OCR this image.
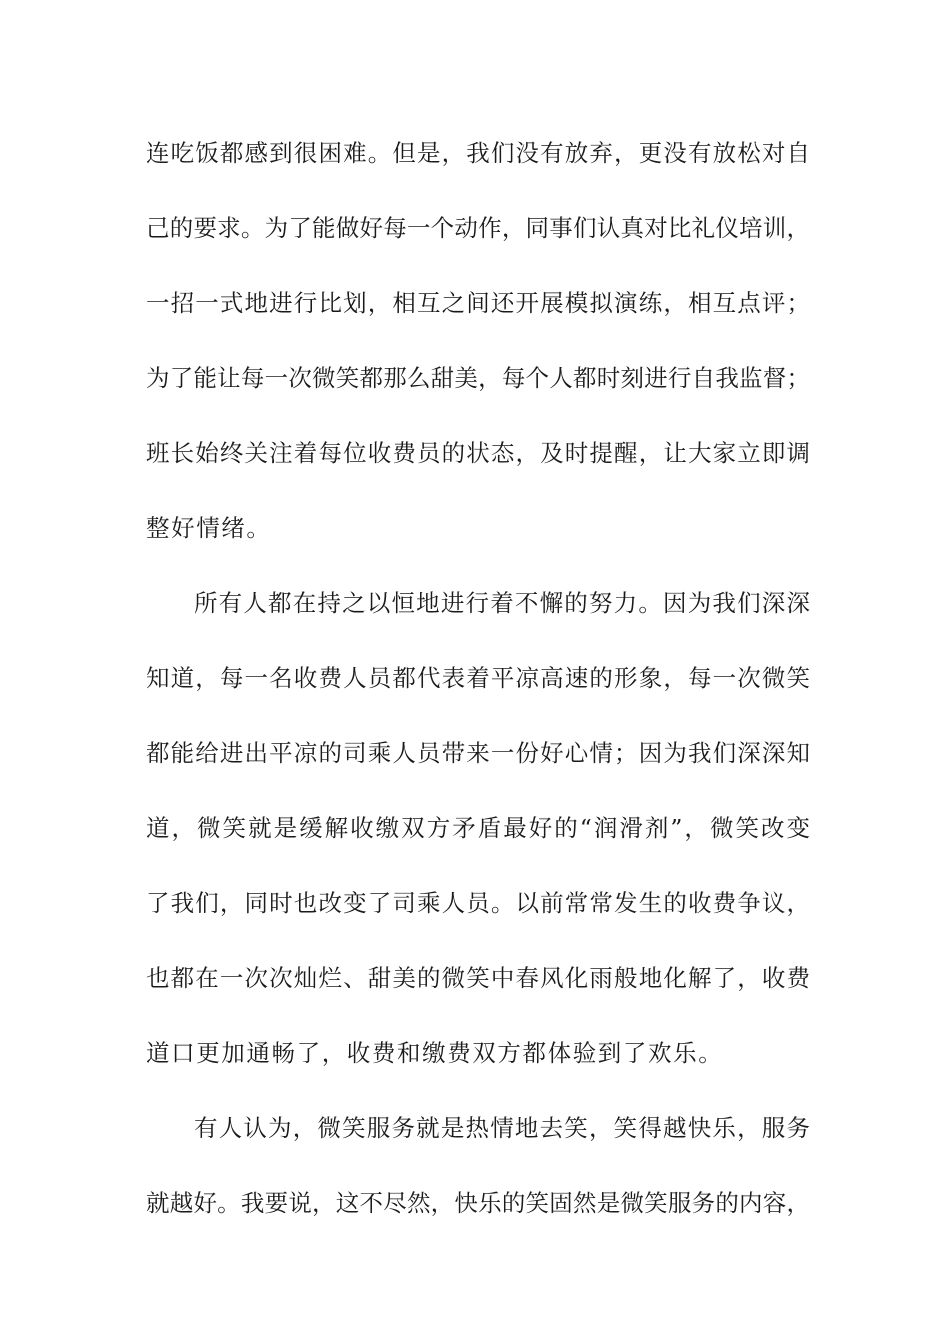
连吃饭都感到很困难。但是，我们没有放弃，更没有放松对自
己的要求。为了能做好每一个动作，同事们认真对比礼仪培训，
一招一式地进行比划，相互之间还开展模拟演练，相互点评；
为了能让每一次微笑都那么甜美，每个人都时刻进行自我监督；
班长始终关注着每位收费员的状态，及时提醒，让大家立即调
整好情绪。
所有人都在持之以恒地进行着不懈的努力。因为我们深深
知道，每一名收费人员都代表着平凉高速的形象，每一次微笑
都能给进出平凉的司乘人员带来一份好心情；因为我们深深知
道，微笑就是缓解收缴双方矛盾最好的“润滑剂”，微笑改变
了我们，同时也改变了司乘人员。以前常常发生的收费争议，
也都在一次次灿烂、甜美的微笑中春风化雨般地化解了，收费
道口更加通畅了，收费和缴费双方都体验到了欢乐。
有人认为，微笑服务就是热情地去笑，笑得越快乐，服务
就越好。我要说，这不尽然，快乐的笑固然是微笑服务的内容，
